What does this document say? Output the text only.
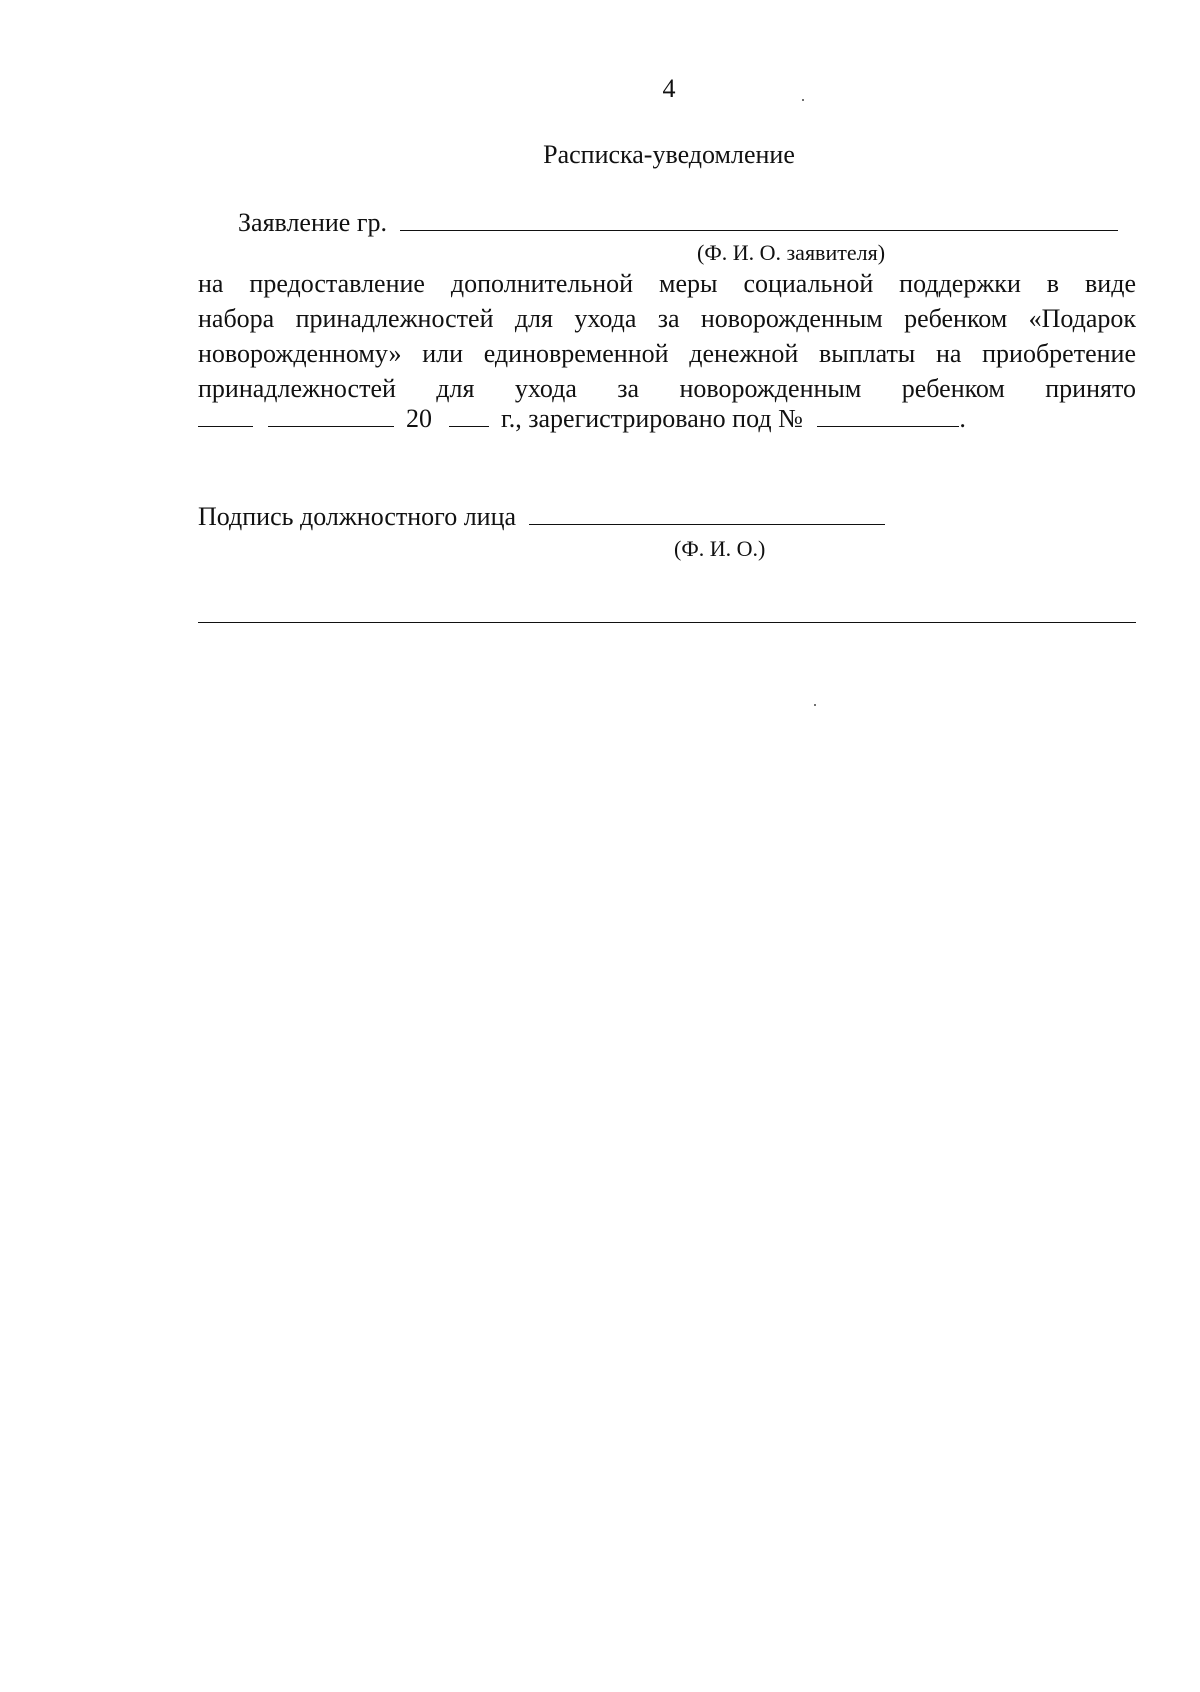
4
Расписка-уведомление
Заявление гр.
(Ф. И. О. заявителя)
на предоставление дополнительной меры социальной поддержки в виде
набора принадлежностей для ухода за новорожденным ребенком «Подарок
новорожденному» или единовременной денежной выплаты на приобретение
принадлежностей для ухода за новорожденным ребенком принято
20	г., зарегистрировано под №	.
Подпись должностного лица
(Ф. И. О.)
